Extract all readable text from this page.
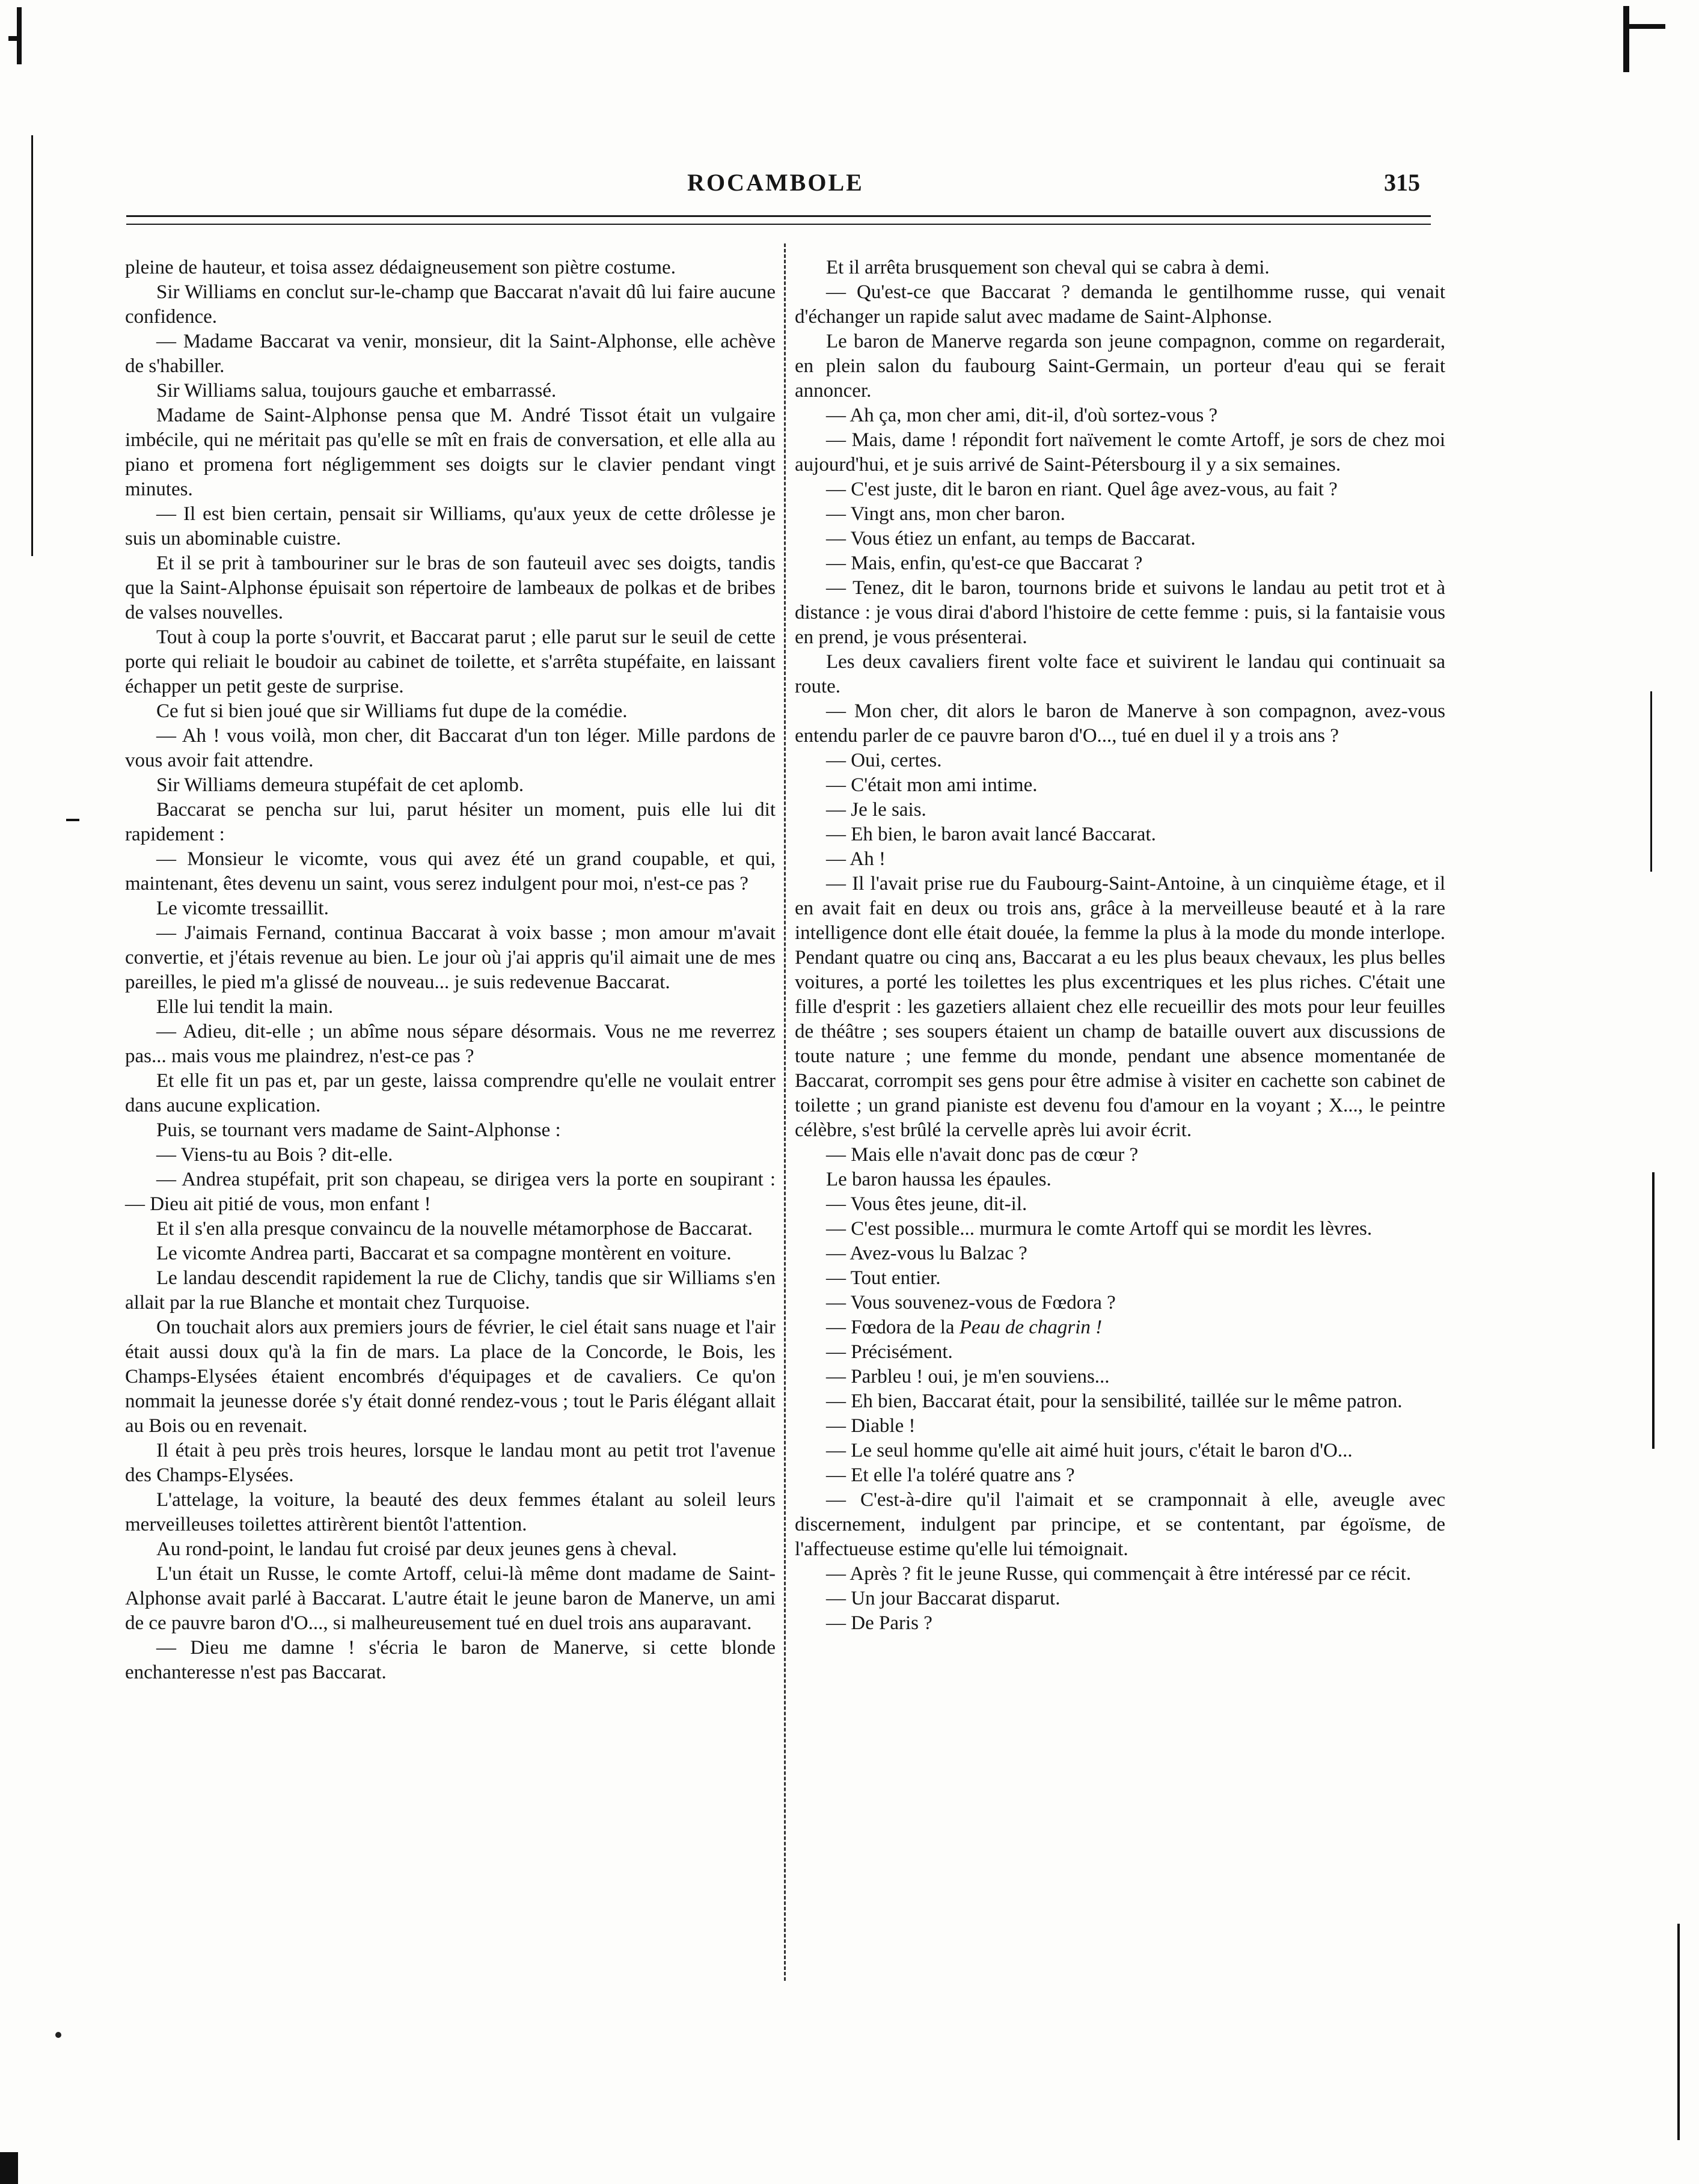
ROCAMBOLE	315

pleine de hauteur, et toisa assez dédaigneusement son piètre costume.

Sir Williams en conclut sur-le-champ que Baccarat n'avait dû lui faire aucune confidence.

— Madame Baccarat va venir, monsieur, dit la Saint-Alphonse, elle achève de s'habiller.

Sir Williams salua, toujours gauche et embarrassé.

Madame de Saint-Alphonse pensa que M. André Tissot était un vulgaire imbécile, qui ne méritait pas qu'elle se mît en frais de conversation, et elle alla au piano et promena fort négligemment ses doigts sur le clavier pendant vingt minutes.

— Il est bien certain, pensait sir Williams, qu'aux yeux de cette drôlesse je suis un abominable cuistre.

Et il se prit à tambouriner sur le bras de son fauteuil avec ses doigts, tandis que la Saint-Alphonse épuisait son répertoire de lambeaux de polkas et de bribes de valses nouvelles.

Tout à coup la porte s'ouvrit, et Baccarat parut ; elle parut sur le seuil de cette porte qui reliait le boudoir au cabinet de toilette, et s'arrêta stupéfaite, en laissant échapper un petit geste de surprise.

Ce fut si bien joué que sir Williams fut dupe de la comédie.

— Ah ! vous voilà, mon cher, dit Baccarat d'un ton léger. Mille pardons de vous avoir fait attendre.

Sir Williams demeura stupéfait de cet aplomb.

Baccarat se pencha sur lui, parut hésiter un moment, puis elle lui dit rapidement :

— Monsieur le vicomte, vous qui avez été un grand coupable, et qui, maintenant, êtes devenu un saint, vous serez indulgent pour moi, n'est-ce pas ?

Le vicomte tressaillit.

— J'aimais Fernand, continua Baccarat à voix basse ; mon amour m'avait convertie, et j'étais revenue au bien. Le jour où j'ai appris qu'il aimait une de mes pareilles, le pied m'a glissé de nouveau... je suis redevenue Baccarat.

Elle lui tendit la main.

— Adieu, dit-elle ; un abîme nous sépare désormais. Vous ne me reverrez pas... mais vous me plaindrez, n'est-ce pas ?

Et elle fit un pas et, par un geste, laissa comprendre qu'elle ne voulait entrer dans aucune explication.

Puis, se tournant vers madame de Saint-Alphonse :

— Viens-tu au Bois ? dit-elle.

— Andrea stupéfait, prit son chapeau, se dirigea vers la porte en soupirant : — Dieu ait pitié de vous, mon enfant !

Et il s'en alla presque convaincu de la nouvelle métamorphose de Baccarat.

Le vicomte Andrea parti, Baccarat et sa compagne montèrent en voiture.

Le landau descendit rapidement la rue de Clichy, tandis que sir Williams s'en allait par la rue Blanche et montait chez Turquoise.

On touchait alors aux premiers jours de février, le ciel était sans nuage et l'air était aussi doux qu'à la fin de mars. La place de la Concorde, le Bois, les Champs-Elysées étaient encombrés d'équipages et de cavaliers. Ce qu'on nommait la jeunesse dorée s'y était donné rendez-vous ; tout le Paris élégant allait au Bois ou en revenait.

Il était à peu près trois heures, lorsque le landau mont au petit trot l'avenue des Champs-Elysées.

L'attelage, la voiture, la beauté des deux femmes étalant au soleil leurs merveilleuses toilettes attirèrent bientôt l'attention.

Au rond-point, le landau fut croisé par deux jeunes gens à cheval.

L'un était un Russe, le comte Artoff, celui-là même dont madame de Saint-Alphonse avait parlé à Baccarat. L'autre était le jeune baron de Manerve, un ami de ce pauvre baron d'O..., si malheureusement tué en duel trois ans auparavant.

— Dieu me damne ! s'écria le baron de Manerve, si cette blonde enchanteresse n'est pas Baccarat.

Et il arrêta brusquement son cheval qui se cabra à demi.

— Qu'est-ce que Baccarat ? demanda le gentilhomme russe, qui venait d'échanger un rapide salut avec madame de Saint-Alphonse.

Le baron de Manerve regarda son jeune compagnon, comme on regarderait, en plein salon du faubourg Saint-Germain, un porteur d'eau qui se ferait annoncer.

— Ah ça, mon cher ami, dit-il, d'où sortez-vous ?

— Mais, dame ! répondit fort naïvement le comte Artoff, je sors de chez moi aujourd'hui, et je suis arrivé de Saint-Pétersbourg il y a six semaines.

— C'est juste, dit le baron en riant. Quel âge avez-vous, au fait ?

— Vingt ans, mon cher baron.

— Vous étiez un enfant, au temps de Baccarat.

— Mais, enfin, qu'est-ce que Baccarat ?

— Tenez, dit le baron, tournons bride et suivons le landau au petit trot et à distance : je vous dirai d'abord l'histoire de cette femme : puis, si la fantaisie vous en prend, je vous présenterai.

Les deux cavaliers firent volte face et suivirent le landau qui continuait sa route.

— Mon cher, dit alors le baron de Manerve à son compagnon, avez-vous entendu parler de ce pauvre baron d'O..., tué en duel il y a trois ans ?

— Oui, certes.

— C'était mon ami intime.

— Je le sais.

— Eh bien, le baron avait lancé Baccarat.

— Ah !

— Il l'avait prise rue du Faubourg-Saint-Antoine, à un cinquième étage, et il en avait fait en deux ou trois ans, grâce à la merveilleuse beauté et à la rare intelligence dont elle était douée, la femme la plus à la mode du monde interlope. Pendant quatre ou cinq ans, Baccarat a eu les plus beaux chevaux, les plus belles voitures, a porté les toilettes les plus excentriques et les plus riches. C'était une fille d'esprit : les gazetiers allaient chez elle recueillir des mots pour leur feuilles de théâtre ; ses soupers étaient un champ de bataille ouvert aux discussions de toute nature ; une femme du monde, pendant une absence momentanée de Baccarat, corrompit ses gens pour être admise à visiter en cachette son cabinet de toilette ; un grand pianiste est devenu fou d'amour en la voyant ; X..., le peintre célèbre, s'est brûlé la cervelle après lui avoir écrit.

— Mais elle n'avait donc pas de cœur ?

Le baron haussa les épaules.

— Vous êtes jeune, dit-il.

— C'est possible... murmura le comte Artoff qui se mordit les lèvres.

— Avez-vous lu Balzac ?

— Tout entier.

— Vous souvenez-vous de Fœdora ?

— Fœdora de la Peau de chagrin !

— Précisément.

— Parbleu ! oui, je m'en souviens...

— Eh bien, Baccarat était, pour la sensibilité, taillée sur le même patron.

— Diable !

— Le seul homme qu'elle ait aimé huit jours, c'était le baron d'O...

— Et elle l'a toléré quatre ans ?

— C'est-à-dire qu'il l'aimait et se cramponnait à elle, aveugle avec discernement, indulgent par principe, et se contentant, par égoïsme, de l'affectueuse estime qu'elle lui témoignait.

— Après ? fit le jeune Russe, qui commençait à être intéressé par ce récit.

— Un jour Baccarat disparut.

— De Paris ?
